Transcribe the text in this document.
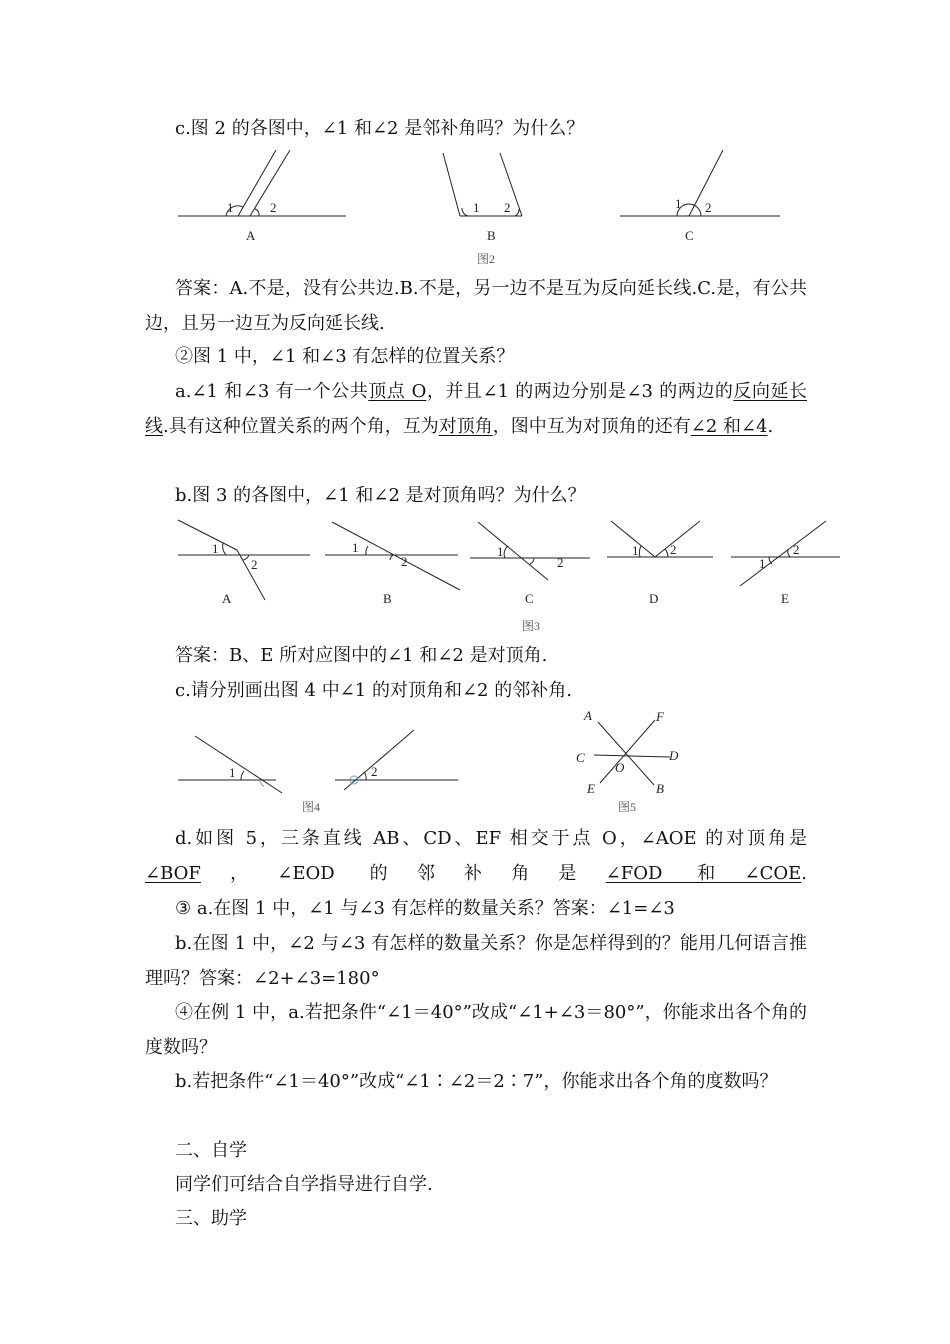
c.图 2 的各图中，∠1 和∠2 是邻补角吗？为什么？

1	2
A
1 2
B
1 2
C
图2

答案：A.不是，没有公共边.B.不是，另一边不是互为反向延长线.C.是，有公共边，且另一边互为反向延长线.

②图 1 中，∠1 和∠3 有怎样的位置关系？

a.∠1 和∠3 有一个公共顶点 O，并且∠1 的两边分别是∠3 的两边的反向延长线.具有这种位置关系的两个角，互为对顶角，图中互为对顶角的还有∠2 和∠4.

b.图 3 的各图中，∠1 和∠2 是对顶角吗？为什么？

1
2
A
1
2
B
1
2
C
1 2
D
1
2
E
图3

答案：B、E 所对应图中的∠1 和∠2 是对顶角.

c.请分别画出图 4 中∠1 的对顶角和∠2 的邻补角.

1	2
图4
A	F
C	D
O
E	B
图5

d.如图 5，三条直线 AB、CD、EF 相交于点 O，∠AOE 的对顶角是
∠BOF，∠EOD 的邻补角是∠FOD 和∠COE.

③ a.在图 1 中，∠1 与∠3 有怎样的数量关系？答案：∠1=∠3

b.在图 1 中，∠2 与∠3 有怎样的数量关系？你是怎样得到的？能用几何语言推理吗？答案：∠2+∠3=180°

④在例 1 中，a.若把条件“∠1＝40°”改成“∠1+∠3＝80°”，你能求出各个角的度数吗？

b.若把条件“∠1＝40°”改成“∠1∶∠2＝2∶7”，你能求出各个角的度数吗？

二、自学

同学们可结合自学指导进行自学.

三、助学
